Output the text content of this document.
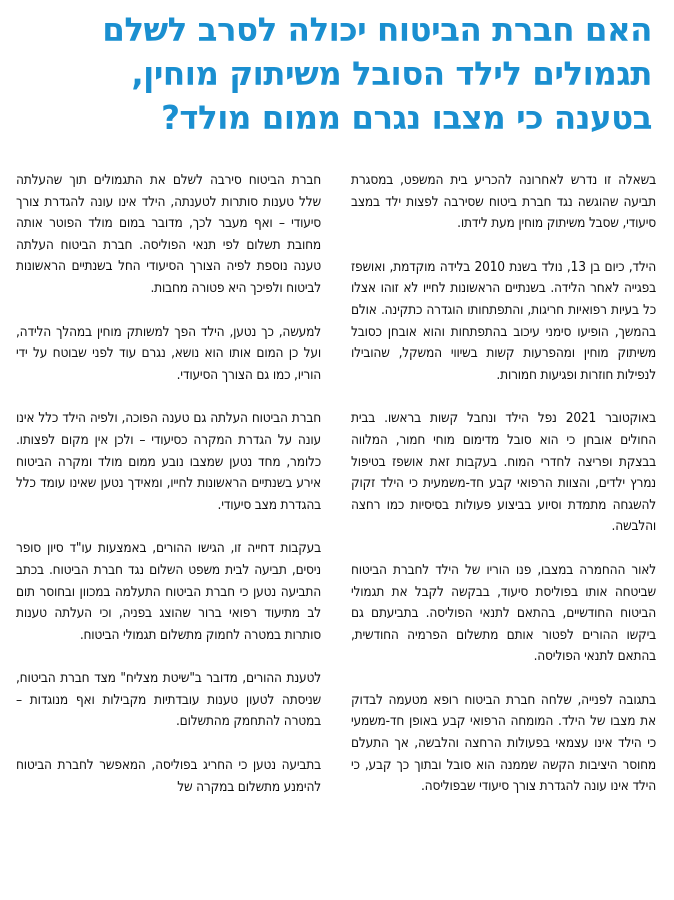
האם חברת הביטוח יכולה לסרב לשלם
תגמולים לילד הסובל משיתוק מוחין,
בטענה כי מצבו נגרם ממום מולד?

בשאלה זו נדרש לאחרונה להכריע בית המשפט, במסגרת תביעה שהוגשה נגד חברת ביטוח שסירבה לפצות ילד במצב סיעודי, שסבל משיתוק מוחין מעת לידתו.

הילד, כיום בן 13, נולד בשנת 2010 בלידה מוקדמת, ואושפז בפגייה לאחר הלידה. בשנתיים הראשונות לחייו לא זוהו אצלו כל בעיות רפואיות חריגות, והתפתחותו הוגדרה כתקינה. אולם בהמשך, הופיעו סימני עיכוב בהתפתחות והוא אובחן כסובל משיתוק מוחין ומהפרעות קשות בשיווי המשקל, שהובילו לנפילות חוזרות ופגיעות חמורות.

באוקטובר 2021 נפל הילד ונחבל קשות בראשו. בבית החולים אובחן כי הוא סובל מדימום מוחי חמור, המלווה בבצקת ופריצה לחדרי המוח. בעקבות זאת אושפז בטיפול נמרץ ילדים, והצוות הרפואי קבע חד-משמעית כי הילד זקוק להשגחה מתמדת וסיוע בביצוע פעולות בסיסיות כמו רחצה והלבשה.

לאור ההחמרה במצבו, פנו הוריו של הילד לחברת הביטוח שביטחה אותו בפוליסת סיעוד, בבקשה לקבל את תגמולי הביטוח החודשיים, בהתאם לתנאי הפוליסה. בתביעתם גם ביקשו ההורים לפטור אותם מתשלום הפרמיה החודשית, בהתאם לתנאי הפוליסה.

בתגובה לפנייה, שלחה חברת הביטוח רופא מטעמה לבדוק את מצבו של הילד. המומחה הרפואי קבע באופן חד-משמעי כי הילד אינו עצמאי בפעולות הרחצה והלבשה, אך התעלם מחוסר היציבות הקשה שממנה הוא סובל ובתוך כך קבע, כי הילד אינו עונה להגדרת צורך סיעודי שבפוליסה.

חברת הביטוח סירבה לשלם את התגמולים תוך שהעלתה שלל טענות סותרות לטענתה, הילד אינו עונה להגדרת צורך סיעודי – ואף מעבר לכך, מדובר במום מולד הפוטר אותה מחובת תשלום לפי תנאי הפוליסה. חברת הביטוח העלתה טענה נוספת לפיה הצורך הסיעודי החל בשנתיים הראשונות לביטוח ולפיכך היא פטורה מחבות.

למעשה, כך נטען, הילד הפך למשותק מוחין במהלך הלידה, ועל כן המום אותו הוא נושא, נגרם עוד לפני שבוטח על ידי הוריו, כמו גם הצורך הסיעודי.

חברת הביטוח העלתה גם טענה הפוכה, ולפיה הילד כלל אינו עונה על הגדרת המקרה כסיעודי – ולכן אין מקום לפצותו. כלומר, מחד נטען שמצבו נובע ממום מולד ומקרה הביטוח אירע בשנתיים הראשונות לחייו, ומאידך נטען שאינו עומד כלל בהגדרת מצב סיעודי.

בעקבות דחייה זו, הגישו ההורים, באמצעות עו"ד סיון סופר ניסים, תביעה לבית משפט השלום נגד חברת הביטוח. בכתב התביעה נטען כי חברת הביטוח התעלמה במכוון ובחוסר תום לב מתיעוד רפואי ברור שהוצג בפניה, וכי העלתה טענות סותרות במטרה לחמוק מתשלום תגמולי הביטוח.

לטענת ההורים, מדובר ב"שיטת מצליח" מצד חברת הביטוח, שניסתה לטעון טענות עובדתיות מקבילות ואף מנוגדות – במטרה להתחמק מהתשלום.

בתביעה נטען כי החריג בפוליסה, המאפשר לחברת הביטוח להימנע מתשלום במקרה של
